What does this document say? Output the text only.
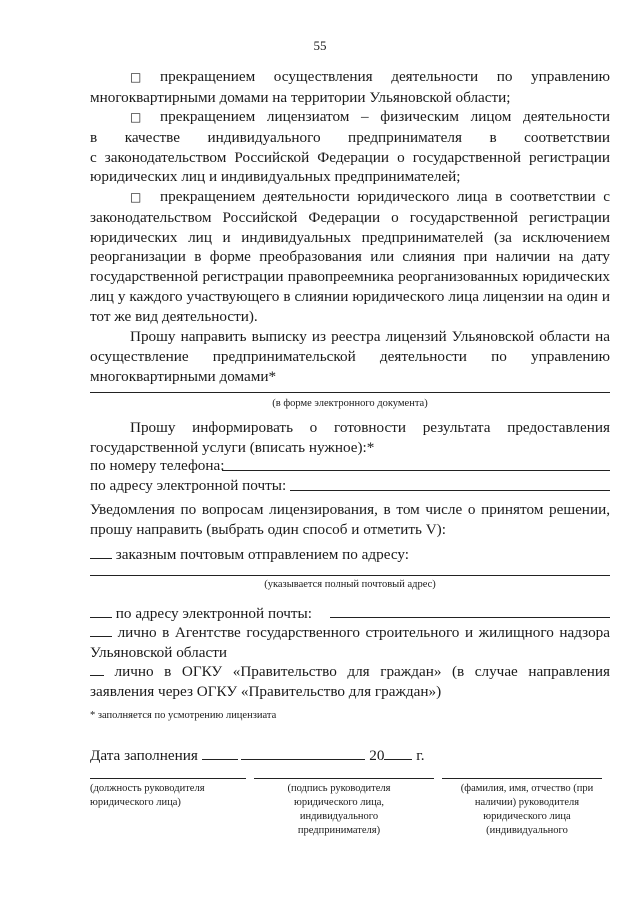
55
□ прекращением осуществления деятельности по управлению многоквартирными домами на территории Ульяновской области;
□ прекращением лицензиатом – физическим лицом деятельности
в качестве индивидуального предпринимателя в соответствии
с законодательством Российской Федерации о государственной регистрации
юридических лиц и индивидуальных предпринимателей;
□ прекращением деятельности юридического лица в соответствии с законодательством Российской Федерации о государственной регистрации юридических лиц и индивидуальных предпринимателей (за исключением реорганизации в форме преобразования или слияния при наличии на дату государственной регистрации правопреемника реорганизованных юридических лиц у каждого участвующего в слиянии юридического лица лицензии на один и тот же вид деятельности).
Прошу направить выписку из реестра лицензий Ульяновской области на осуществление предпринимательской деятельности по управлению многоквартирными домами*
(в форме электронного документа)
Прошу информировать о готовности результата предоставления государственной услуги (вписать нужное):*
по номеру телефона:
по адресу электронной почты:
Уведомления по вопросам лицензирования, в том числе о принятом решении, прошу направить (выбрать один способ и отметить V):
заказным почтовым отправлением по адресу:
(указывается полный почтовый адрес)
по адресу электронной почты:
лично в Агентстве государственного строительного и жилищного надзора Ульяновской области
лично в ОГКУ «Правительство для граждан» (в случае направления заявления через ОГКУ «Правительство для граждан»)
* заполняется по усмотрению лицензиата
Дата заполнения	20 г.
(должность руководителя юридического лица)
(подпись руководителя юридического лица, индивидуального предпринимателя)
(фамилия, имя, отчество (при наличии) руководителя юридического лица (индивидуального
